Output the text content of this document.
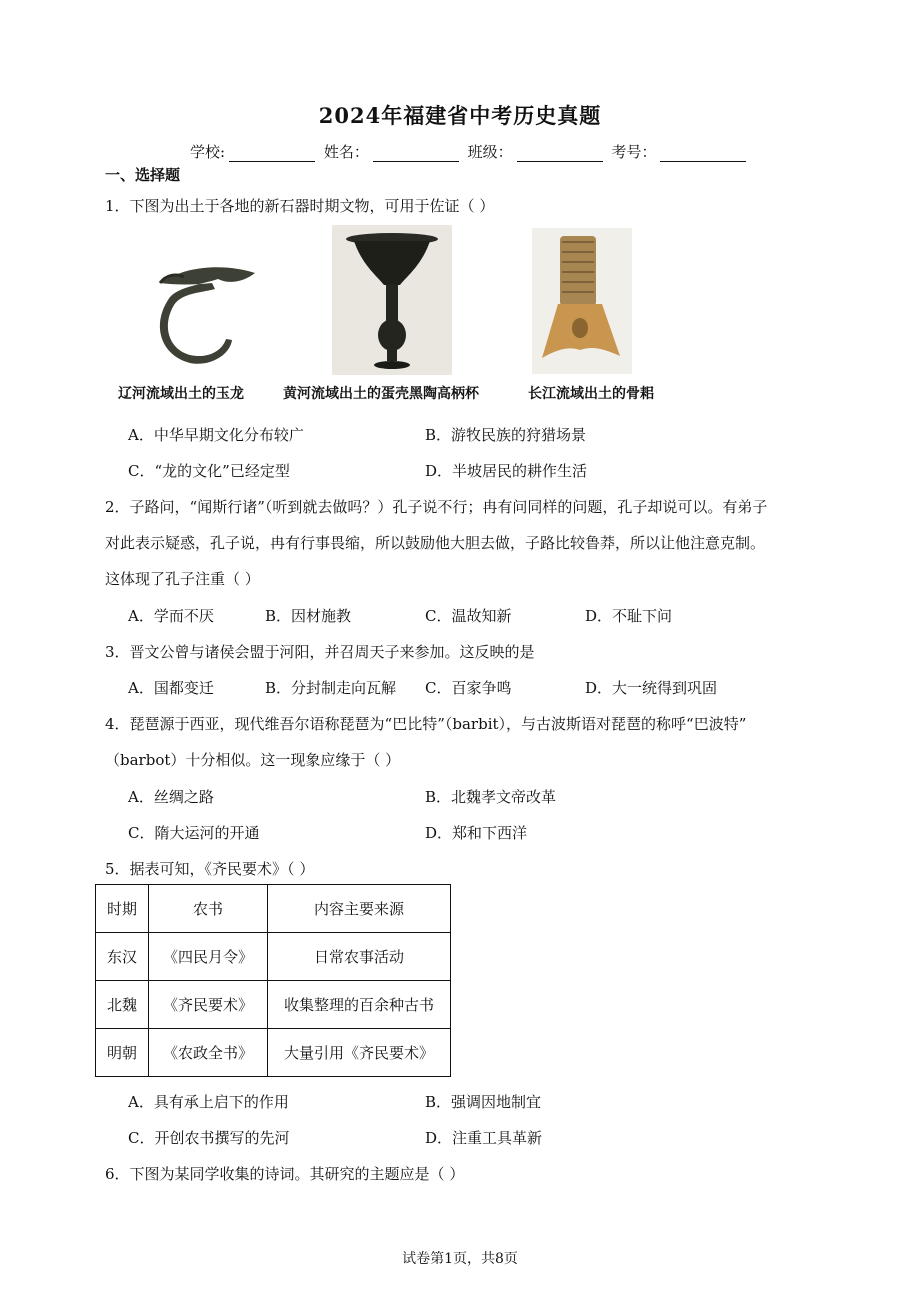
2024年福建省中考历史真题
学校:	姓名：	班级：	考号：
一、选择题
1．下图为出土于各地的新石器时期文物，可用于佐证（ ）
辽河流域出土的玉龙	黄河流域出土的蛋壳黑陶高柄杯	长江流域出土的骨耜
A．中华早期文化分布较广	B．游牧民族的狩猎场景
C．“龙的文化”已经定型	D．半坡居民的耕作生活
2．子路问，“闻斯行诸”（听到就去做吗？）孔子说不行；冉有问同样的问题，孔子却说可以。有弟子
对此表示疑惑，孔子说，冉有行事畏缩，所以鼓励他大胆去做，子路比较鲁莽，所以让他注意克制。
这体现了孔子注重（ ）
A．学而不厌	B．因材施教	C．温故知新	D．不耻下问
3．晋文公曾与诸侯会盟于河阳，并召周天子来参加。这反映的是
A．国都变迁	B．分封制走向瓦解 C．百家争鸣	D．大一统得到巩固
4．琵琶源于西亚，现代维吾尔语称琵琶为“巴比特”（barbit），与古波斯语对琵琶的称呼“巴波特”
（barbot）十分相似。这一现象应缘于（ ）
A．丝绸之路	B．北魏孝文帝改革
C．隋大运河的开通	D．郑和下西洋
5．据表可知，《齐民要术》（ ）
时期	农书	内容主要来源
东汉	《四民月令》	日常农事活动
北魏	《齐民要术》	收集整理的百余种古书
明朝	《农政全书》	大量引用《齐民要术》
A．具有承上启下的作用	B．强调因地制宜
C．开创农书撰写的先河	D．注重工具革新
6．下图为某同学收集的诗词。其研究的主题应是（ ）
试卷第1页，共8页
